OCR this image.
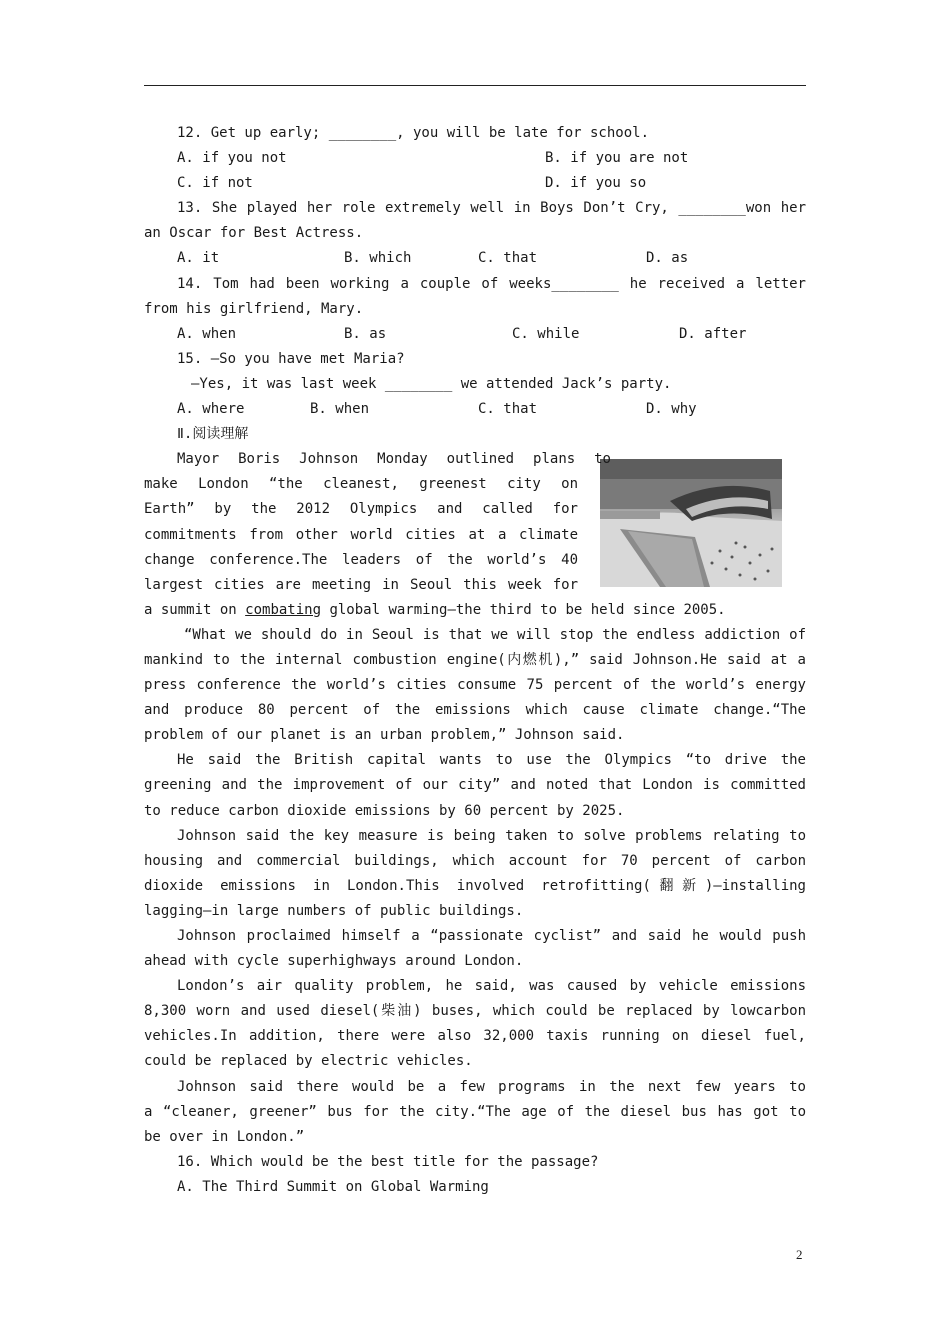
12. Get up early; ________, you will be late for school.
A. if you not	B. if you are not
C. if not	D. if you so
13. She played her role extremely well in Boys Don’t Cry, ________won her
an Oscar for Best Actress.
A. it	B. which	C. that	D. as
14. Tom had been working a couple of weeks________ he received a letter
from his girlfriend, Mary.
A. when	B. as	C. while	D. after
15. —So you have met Maria?
—Yes, it was last week ________ we attended Jack’s party.
A. where	B. when	C. that	D. why
Ⅱ.阅读理解
Mayor Boris Johnson Monday outlined plans to
make London “the cleanest, greenest city on
Earth” by the 2012 Olympics and called for
commitments from other world cities at a climate
change conference.The leaders of the world’s 40
largest cities are meeting in Seoul this week for
a summit on combating global warming—the third to be held since 2005.
“What we should do in Seoul is that we will stop the endless addiction of
mankind to the internal combustion engine(内燃机),” said Johnson.He said at a
press conference the world’s cities consume 75 percent of the world’s energy
and produce 80 percent of the emissions which cause climate change.“The
problem of our planet is an urban problem,” Johnson said.
He said the British capital wants to use the Olympics “to drive the
greening and the improvement of our city” and noted that London is committed
to reduce carbon dioxide emissions by 60 percent by 2025.
Johnson said the key measure is being taken to solve problems relating to
housing and commercial buildings, which account for 70 percent of carbon
dioxide emissions in London.This involved retrofitting(翻新)—installing
lagging—in large numbers of public buildings.
Johnson proclaimed himself a “passionate cyclist” and said he would push
ahead with cycle superhighways around London.
London’s air quality problem, he said, was caused by vehicle emissions
8,300 worn and used diesel(柴油) buses, which could be replaced by lowcarbon
vehicles.In addition, there were also 32,000 taxis running on diesel fuel,
could be replaced by electric vehicles.
Johnson said there would be a few programs in the next few years to
a “cleaner, greener” bus for the city.“The age of the diesel bus has got to
be over in London.”
16. Which would be the best title for the passage?
A. The Third Summit on Global Warming
2
